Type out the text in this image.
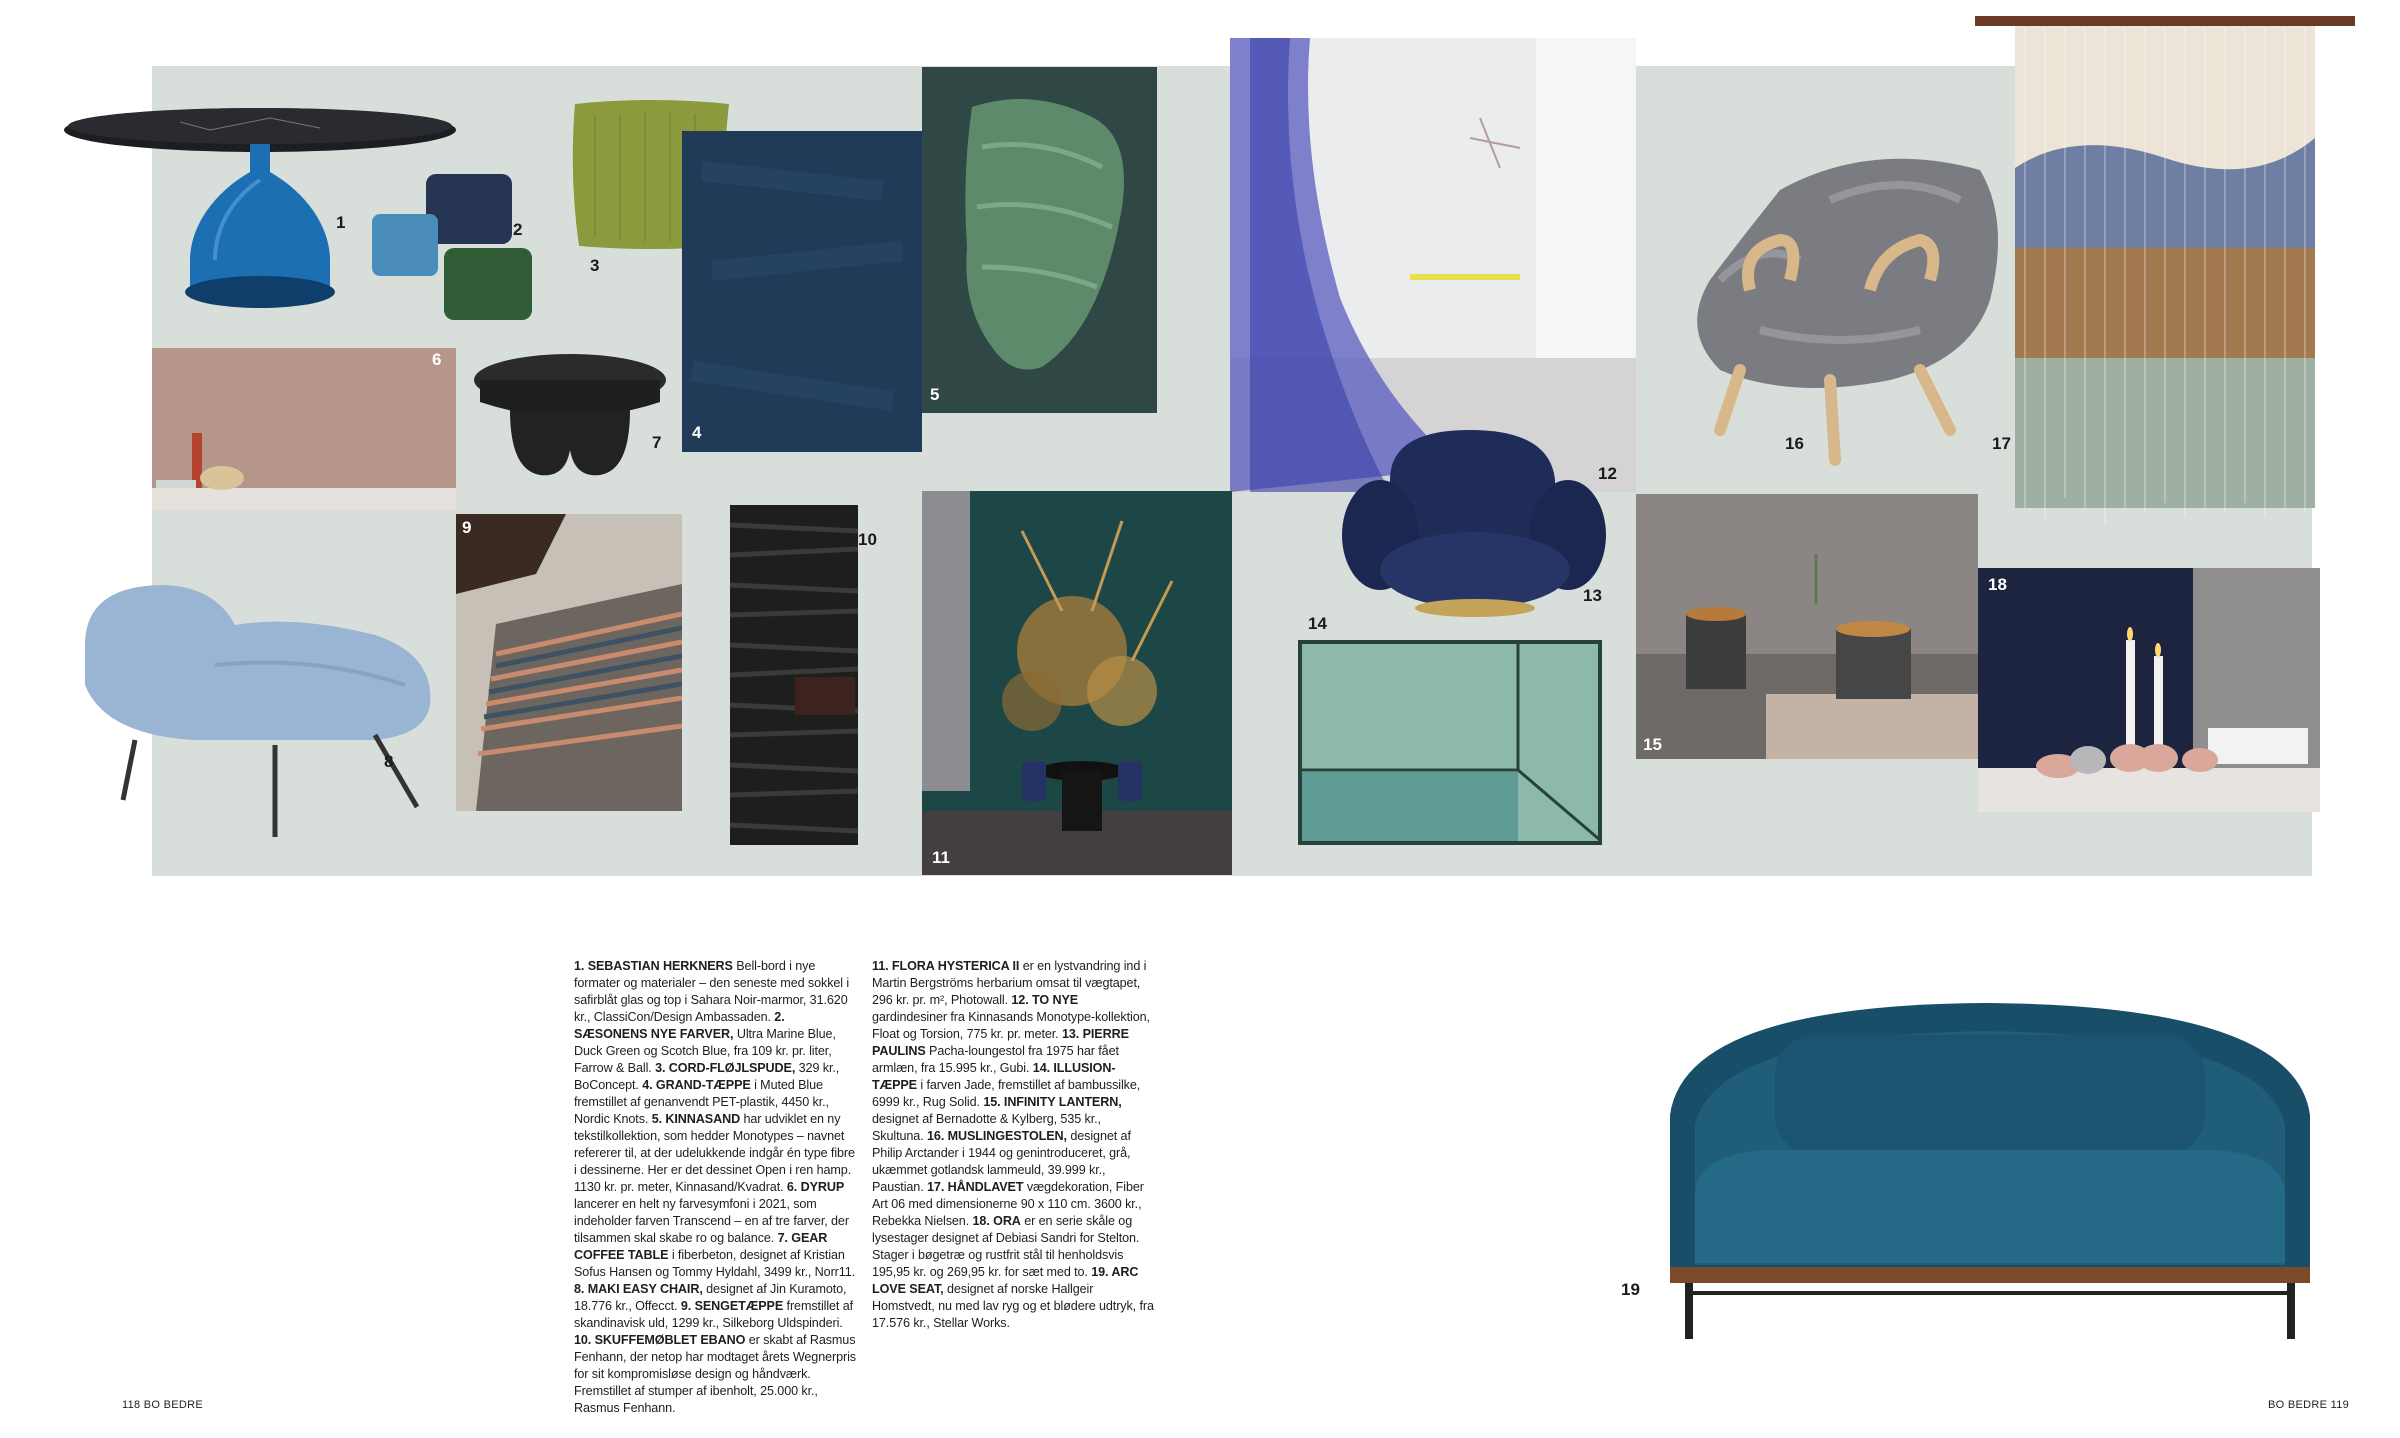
1	2
3
4
5
12
16	17
6
7
8
9
10
11
13
14
15
18
19
1. SEBASTIAN HERKNERS Bell-bord i nye formater og materialer – den seneste med sokkel i safirblåt glas og top i Sahara Noir-marmor, 31.620 kr., ClassiCon/Design Ambassaden. 2. SÆSONENS NYE FARVER, Ultra Marine Blue, Duck Green og Scotch Blue, fra 109 kr. pr. liter, Farrow & Ball. 3. CORD-FLØJLSPUDE, 329 kr., BoConcept. 4. GRAND-TÆPPE i Muted Blue fremstillet af genanvendt PET-plastik, 4450 kr., Nordic Knots. 5. KINNASAND har udviklet en ny tekstilkollektion, som hedder Monotypes – navnet refererer til, at der udelukkende indgår én type fibre i dessinerne. Her er det dessinet Open i ren hamp. 1130 kr. pr. meter, Kinnasand/Kvadrat. 6. DYRUP lancerer en helt ny farvesymfoni i 2021, som indeholder farven Transcend – en af tre farver, der tilsammen skal skabe ro og balance. 7. GEAR COFFEE TABLE i fiberbeton, designet af Kristian Sofus Hansen og Tommy Hyldahl, 3499 kr., Norr11. 8. MAKI EASY CHAIR, designet af Jin Kuramoto, 18.776 kr., Offecct. 9. SENGETÆPPE fremstillet af skandinavisk uld, 1299 kr., Silkeborg Uldspinderi. 10. SKUFFEMØBLET EBANO er skabt af Rasmus Fenhann, der netop har modtaget årets Wegnerpris for sit kompromisløse design og håndværk. Fremstillet af stumper af ibenholt, 25.000 kr., Rasmus Fenhann.
11. FLORA HYSTERICA II er en lystvandring ind i Martin Bergströms herbarium omsat til vægtapet, 296 kr. pr. m², Photowall. 12. TO NYE gardindesiner fra Kinnasands Monotype-kollektion, Float og Torsion, 775 kr. pr. meter. 13. PIERRE PAULINS Pacha-loungestol fra 1975 har fået armlæn, fra 15.995 kr., Gubi. 14. ILLUSION-TÆPPE i farven Jade, fremstillet af bambussilke, 6999 kr., Rug Solid. 15. INFINITY LANTERN, designet af Bernadotte & Kylberg, 535 kr., Skultuna. 16. MUSLINGESTOLEN, designet af Philip Arctander i 1944 og genintroduceret, grå, ukæmmet gotlandsk lammeuld, 39.999 kr., Paustian. 17. HÅNDLAVET vægdekoration, Fiber Art 06 med dimensionerne 90 x 110 cm. 3600 kr., Rebekka Nielsen. 18. ORA er en serie skåle og lysestager designet af Debiasi Sandri for Stelton. Stager i bøgetræ og rustfrit stål til henholdsvis 195,95 kr. og 269,95 kr. for sæt med to. 19. ARC LOVE SEAT, designet af norske Hallgeir Homstvedt, nu med lav ryg og et blødere udtryk, fra 17.576 kr., Stellar Works.
118 BO BEDRE	BO BEDRE 119
